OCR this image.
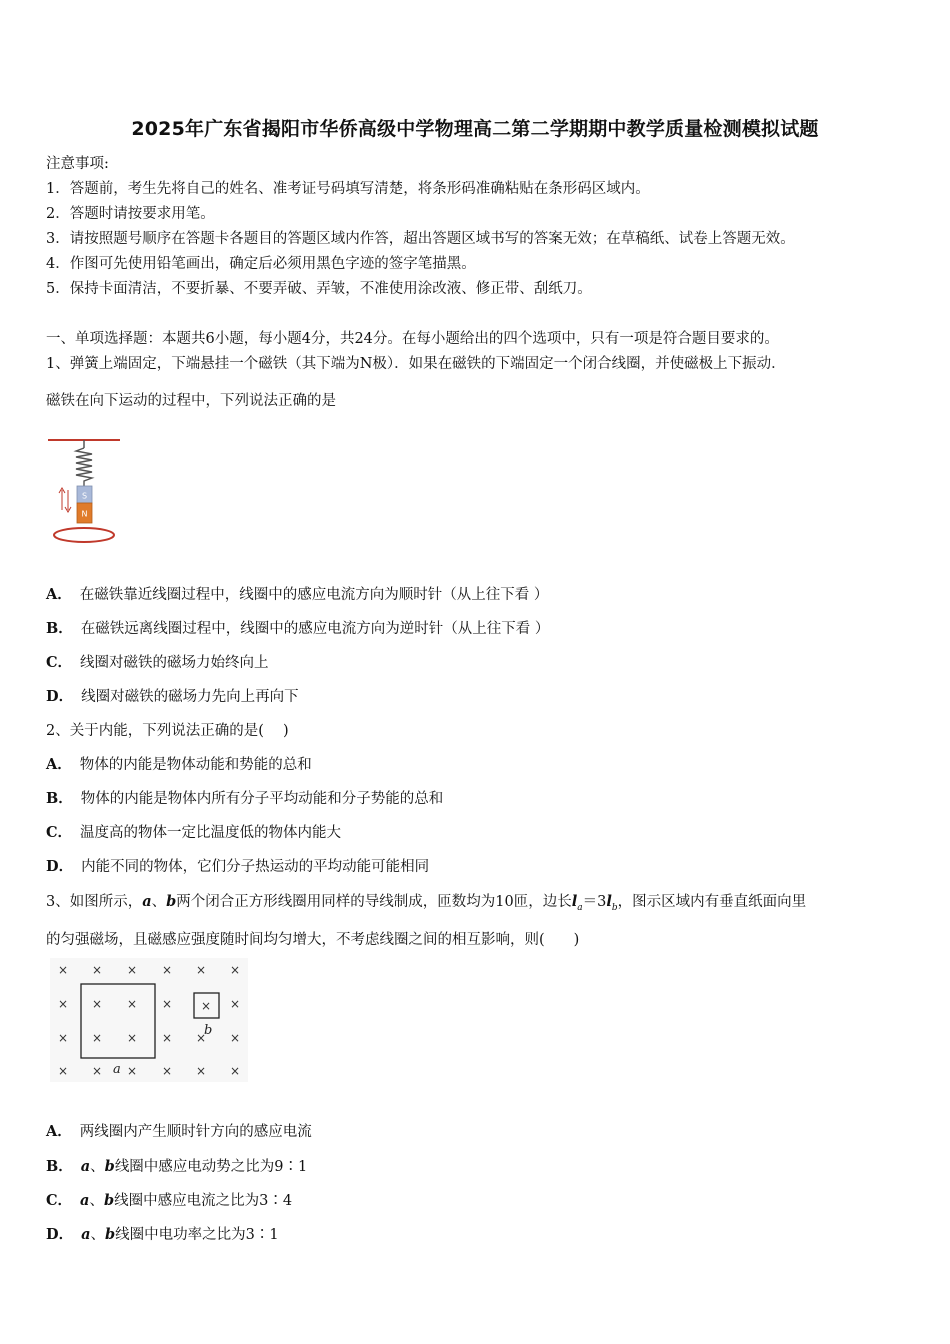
2025年广东省揭阳市华侨高级中学物理高二第二学期期中教学质量检测模拟试题
注意事项:
1．答题前，考生先将自己的姓名、准考证号码填写清楚，将条形码准确粘贴在条形码区域内。
2．答题时请按要求用笔。
3．请按照题号顺序在答题卡各题目的答题区域内作答，超出答题区域书写的答案无效；在草稿纸、试卷上答题无效。
4．作图可先使用铅笔画出，确定后必须用黑色字迹的签字笔描黑。
5．保持卡面清洁，不要折暴、不要弄破、弄皱，不准使用涂改液、修正带、刮纸刀。
一、单项选择题：本题共6小题，每小题4分，共24分。在每小题给出的四个选项中，只有一项是符合题目要求的。
1、弹簧上端固定，下端悬挂一个磁铁（其下端为N极）．如果在磁铁的下端固定一个闭合线圈，并使磁极上下振动．
磁铁在向下运动的过程中，下列说法正确的是
S
N
A． 在磁铁靠近线圈过程中，线圈中的感应电流方向为顺时针（从上往下看 ）
B． 在磁铁远离线圈过程中，线圈中的感应电流方向为逆时针（从上往下看 ）
C． 线圈对磁铁的磁场力始终向上
D． 线圈对磁铁的磁场力先向上再向下
2、关于内能，下列说法正确的是(　 )
A． 物体的内能是物体动能和势能的总和
B． 物体的内能是物体内所有分子平均动能和分子势能的总和
C． 温度高的物体一定比温度低的物体内能大
D． 内能不同的物体，它们分子热运动的平均动能可能相同
3、如图所示，a、b两个闭合正方形线圈用同样的导线制成，匝数均为10匝，边长$l_a=3l_b$，图示区域内有垂直纸面向里
的匀强磁场，且磁感应强度随时间均匀增大，不考虑线圈之间的相互影响，则(　　)
× × × × × ×
× × × ×	×
× × × × × ×
× × × × × ×
×
a
b
A． 两线圈内产生顺时针方向的感应电流
B． a、b线圈中感应电动势之比为9∶1
C． a、b线圈中感应电流之比为3∶4
D． a、b线圈中电功率之比为3∶1
